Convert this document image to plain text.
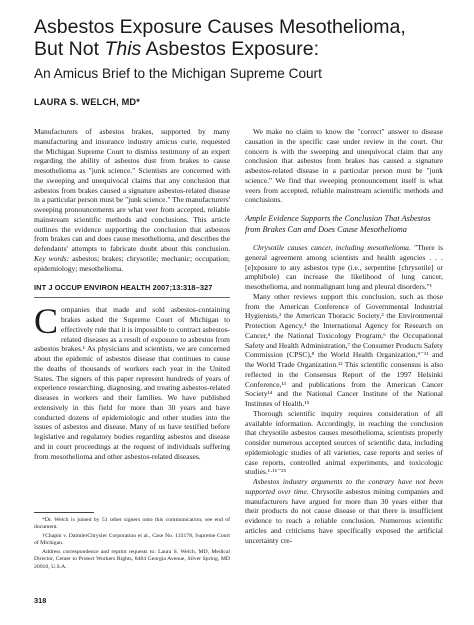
Asbestos Exposure Causes Mesothelioma,
But Not This Asbestos Exposure:
An Amicus Brief to the Michigan Supreme Court
LAURA S. WELCH, MD*
Manufacturers of asbestos brakes, supported by many manufacturing and insurance industry amicus curie, requested the Michigan Supreme Court to dismiss testimony of an expert regarding the ability of asbestos dust from brakes to cause mesothelioma as "junk science." Scientists are concerned with the sweeping and unequivocal claims that any conclusion that asbestos from brakes caused a signature asbestos-related disease in a particular person must be "junk science." The manufacturers' sweeping pronouncements are what veer from accepted, reliable mainstream scientific methods and conclusions. This article outlines the evidence supporting the conclusion that asbestos from brakes can and does cause mesothelioma, and describes the defendants' attempts to fabricate doubt about this conclusion. Key words: asbestos; brakes; chrysotile; mechanic; occupation; epidemiology; mesothelioma.
INT J OCCUP ENVIRON HEALTH 2007;13:318–327
Companies that made and sold asbestos-containing brakes asked the Supreme Court of Michigan to effectively rule that it is impossible to contract asbestos-related diseases as a result of exposure to asbestos from asbestos brakes.¹ As physicians and scientists, we are concerned about the epidemic of asbestos disease that continues to cause the deaths of thousands of workers each year in the United States. The signers of this paper represent hundreds of years of experience researching, diagnosing, and treating asbestos-related diseases in workers and their families. We have published extensively in this field for more than 30 years and have conducted dozens of epidemiologic and other studies into the issues of asbestos and disease. Many of us have testified before legislative and regulatory bodies regarding asbestos and disease and in court proceedings at the request of individuals suffering from mesothelioma and other asbestos-related diseases.

*Dr. Welch is joined by 51 other signers onto this communication; see end of document.

†Chapin v. DaimlerChrysler Corporation et al., Case No. 133178, Supreme Court of Michigan.

Address correspondence and reprint requests to: Laura S. Welch, MD, Medical Director, Center to Protect Workers Rights, 8484 Georgia Avenue, Silver Spring, MD 20910, U.S.A.

We make no claim to know the "correct" answer to disease causation in the specific case under review in the court. Our concern is with the sweeping and unequivocal claim that any conclusion that asbestos from brakes has caused a signature asbestos-related disease in a particular person must be "junk science." We find that sweeping pronouncement itself is what veers from accepted, reliable mainstream scientific methods and conclusions.

Ample Evidence Supports the Conclusion That Asbestos from Brakes Can and Does Cause Mesothelioma

Chrysotile causes cancer, including mesothelioma. "There is general agreement among scientists and health agencies . . . [e]xposure to any asbestos type (i.e., serpentine [chrysotile] or amphibole) can increase the likelihood of lung cancer, mesothelioma, and nonmalignant lung and pleural disorders."¹

Many other reviews support this conclusion, such as those from the American Conference of Governmental Industrial Hygienists,² the American Thoracic Society,³ the Environmental Protection Agency,⁴ the International Agency for Research on Cancer,⁵ the National Toxicology Program,⁶ the Occupational Safety and Health Administration,⁷ the Consumer Products Safety Commission (CPSC),⁸ the World Health Organization,⁹⁻¹¹ and the World Trade Organization.¹² This scientific consensus is also reflected in the Consensus Report of the 1997 Helsinki Conference,¹³ and publications from the American Cancer Society¹⁴ and the National Cancer Institute of the National Institutes of Health.¹⁵

Thorough scientific inquiry requires consideration of all available information. Accordingly, in reaching the conclusion that chrysotile asbestos causes mesothelioma, scientists properly consider numerous accepted sources of scientific data, including epidemiologic studies of all varieties, case reports and series of case reports, controlled animal experiments, and toxicologic studies.¹·¹⁶⁻²⁵

Asbestos industry arguments to the contrary have not been supported over time. Chrysotile asbestos mining companies and manufacturers have argued for more than 30 years either that their products do not cause disease or that there is insufficient evidence to reach a reliable conclusion. Numerous scientific articles and criticisms have specifically exposed the artificial uncertainty cre-

318
